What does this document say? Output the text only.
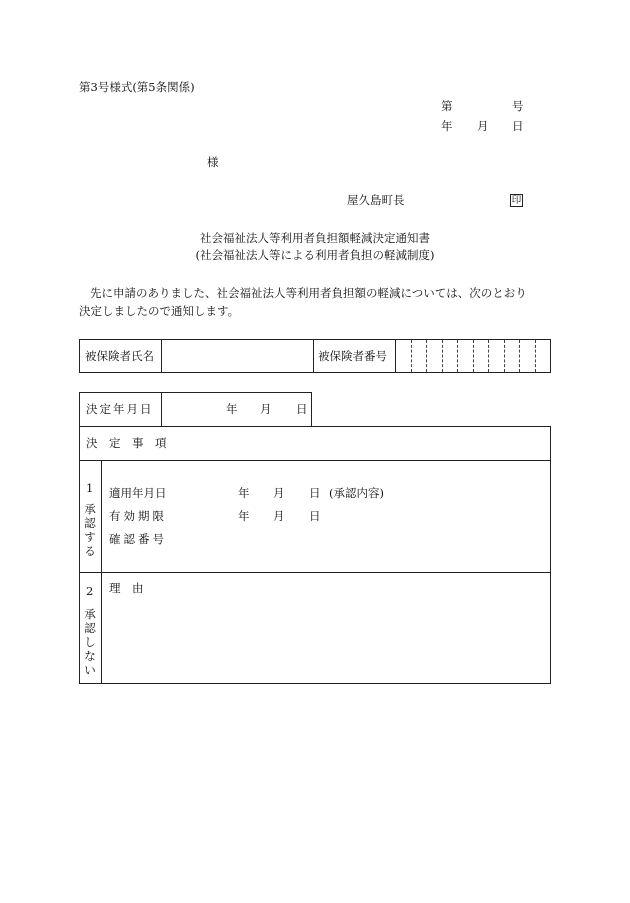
第3号様式(第5条関係)
第	号
年 月 日
様
屋久島町長	印
社会福祉法人等利用者負担額軽減決定通知書
(社会福祉法人等による利用者負担の軽減制度)
先に申請のありました、社会福祉法人等利用者負担額の軽減については、次のとおり
決定しましたので通知します。
被保険者氏名	被保険者番号
決定年月日	年 月 日
決　定　事　項
1
承認する
適用年月日	年 月 日 (承認内容)
有効期限	年 月 日
確認番号
2
承認しない
理　由
